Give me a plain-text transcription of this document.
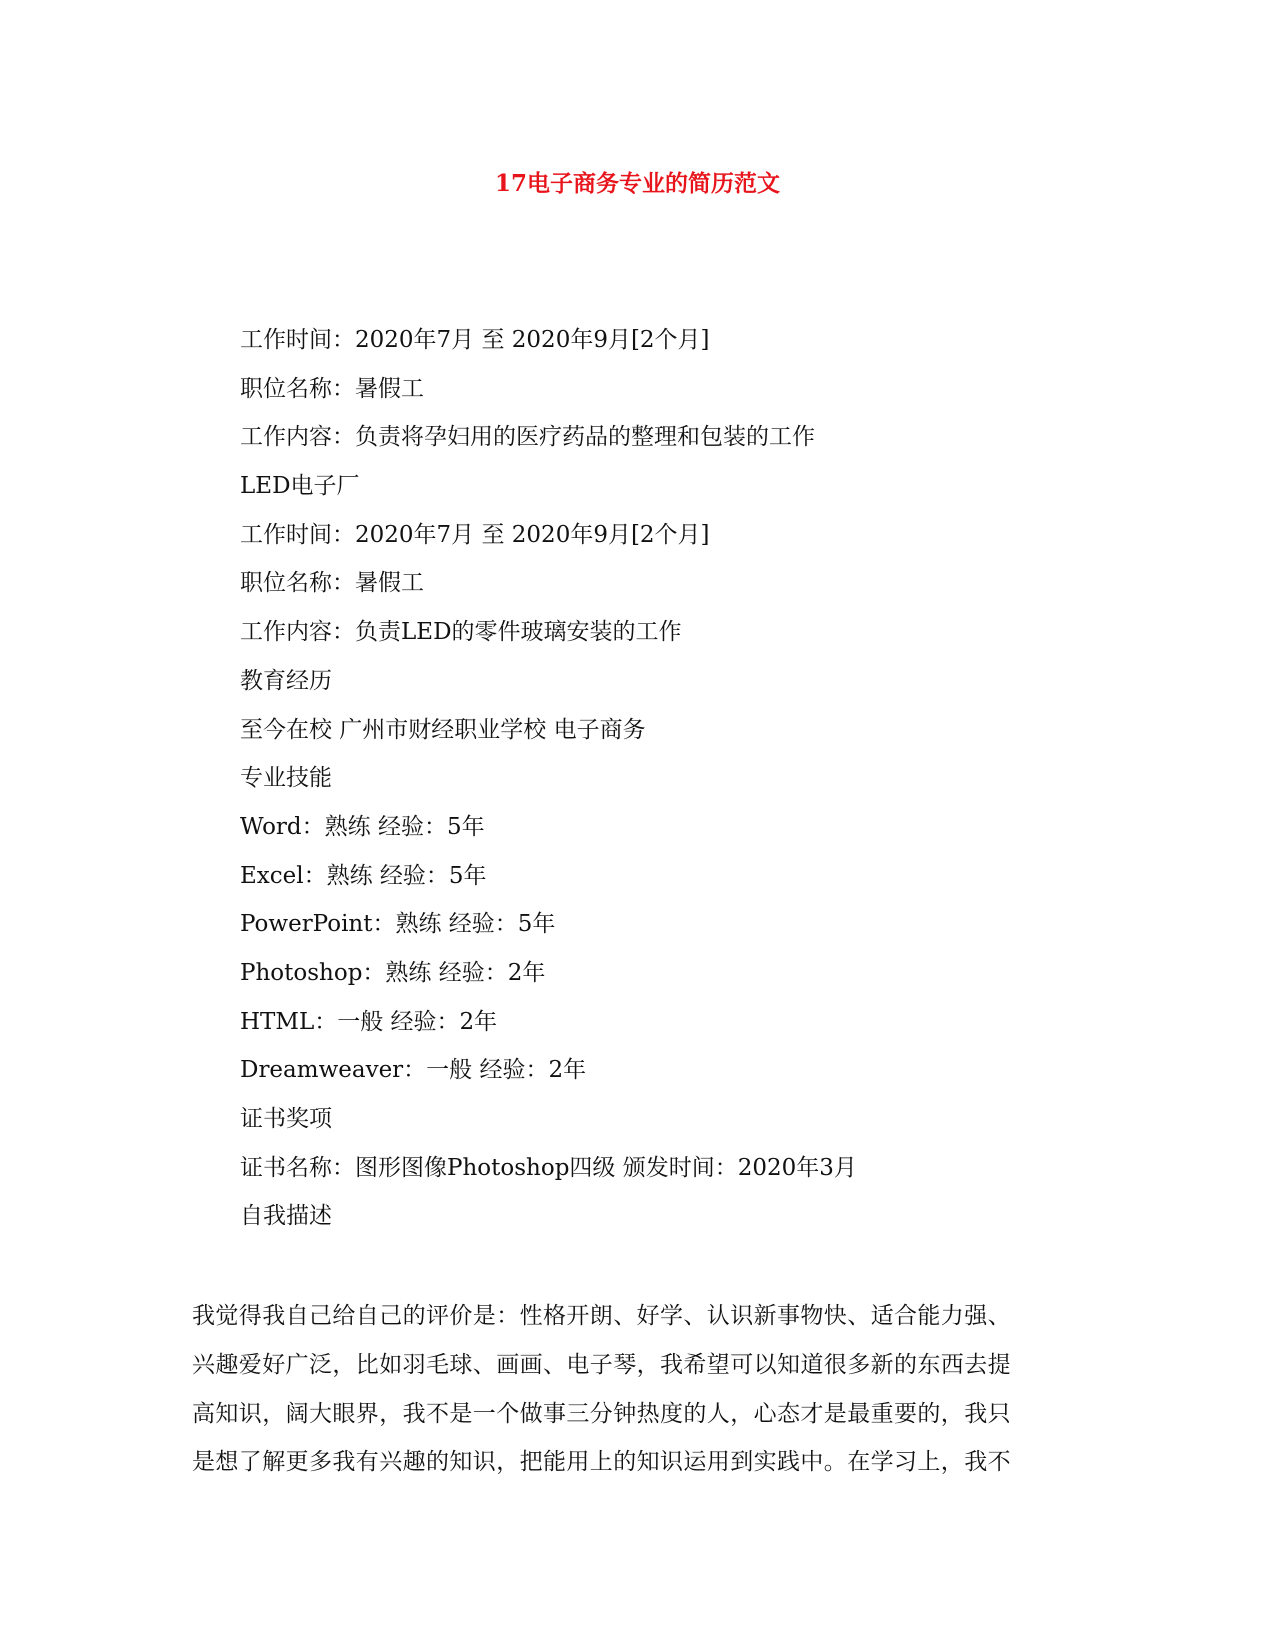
17电子商务专业的简历范文
工作时间：2020年7月 至 2020年9月[2个月]
职位名称：暑假工
工作内容：负责将孕妇用的医疗药品的整理和包装的工作
LED电子厂
工作时间：2020年7月 至 2020年9月[2个月]
职位名称：暑假工
工作内容：负责LED的零件玻璃安装的工作
教育经历
至今在校 广州市财经职业学校 电子商务
专业技能
Word：熟练 经验：5年
Excel：熟练 经验：5年
PowerPoint：熟练 经验：5年
Photoshop：熟练 经验：2年
HTML：一般 经验：2年
Dreamweaver：一般 经验：2年
证书奖项
证书名称：图形图像Photoshop四级 颁发时间：2020年3月
自我描述
我觉得我自己给自己的评价是：性格开朗、好学、认识新事物快、适合能力强、
兴趣爱好广泛，比如羽毛球、画画、电子琴，我希望可以知道很多新的东西去提
高知识，阔大眼界，我不是一个做事三分钟热度的人，心态才是最重要的，我只
是想了解更多我有兴趣的知识，把能用上的知识运用到实践中。在学习上，我不
